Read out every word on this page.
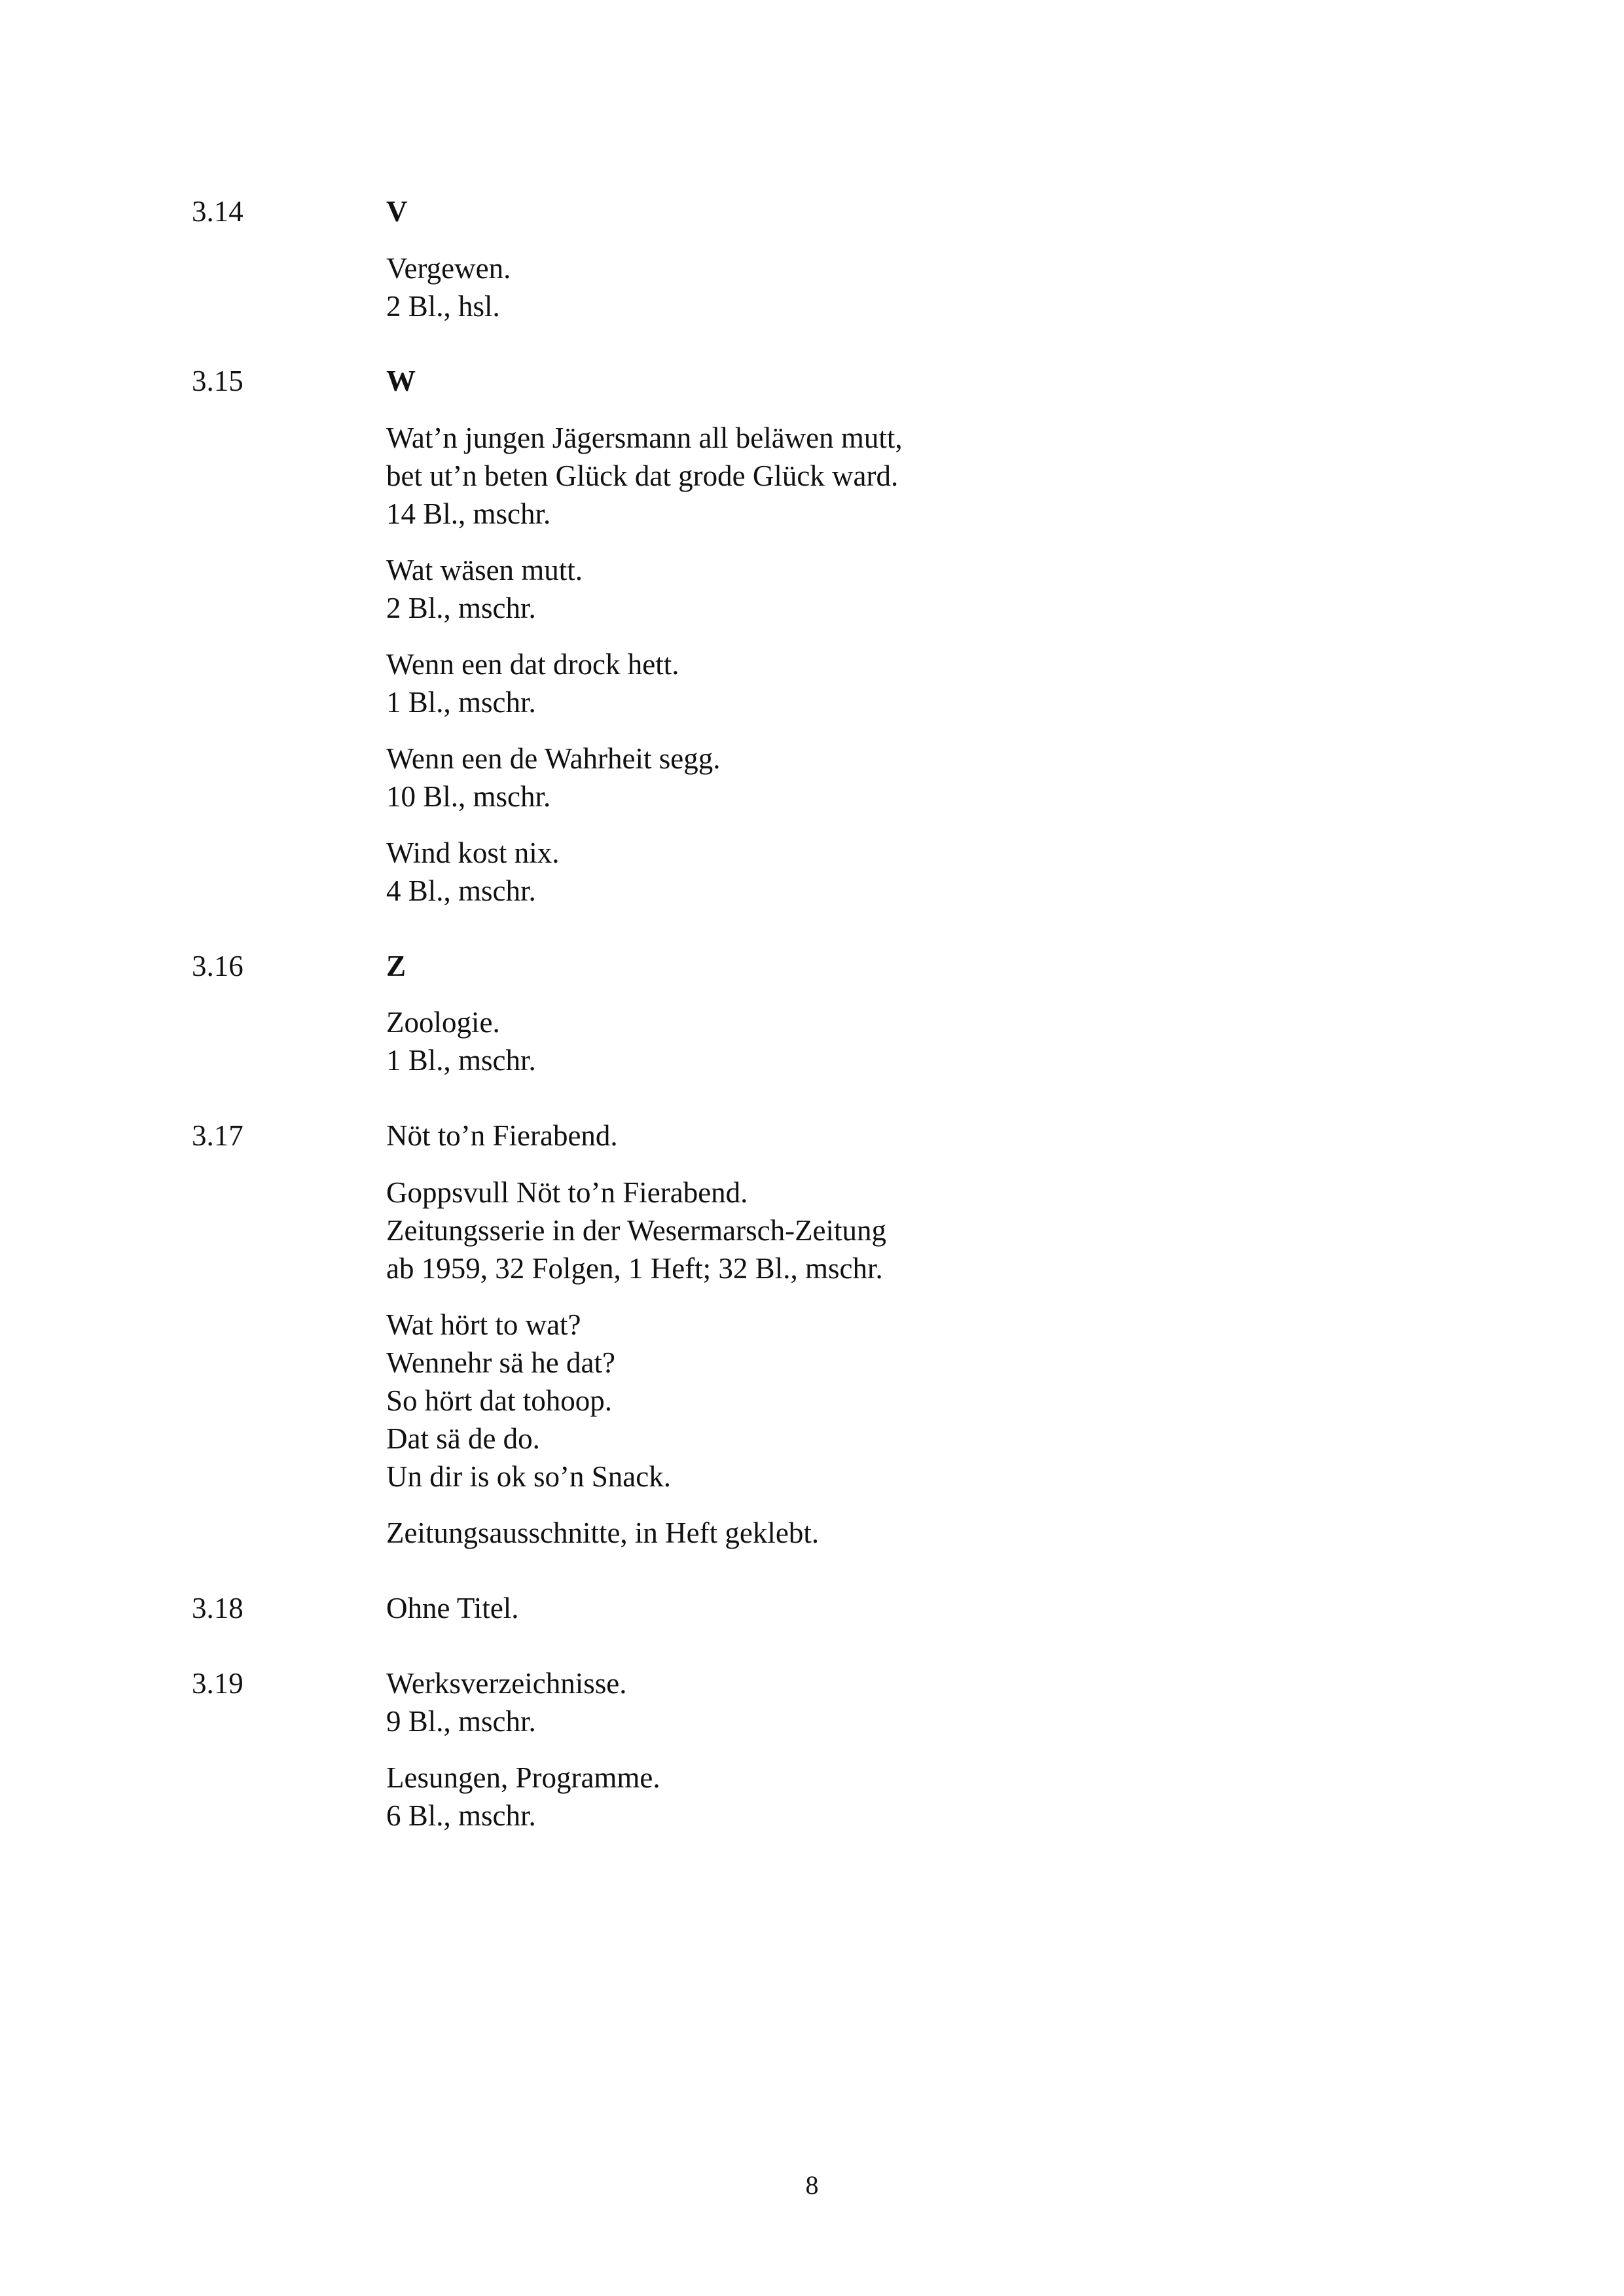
3.14	V
Vergewen.
2 Bl., hsl.
3.15	W
Wat’n jungen Jägersmann all beläwen mutt,
bet ut’n beten Glück dat grode Glück ward.
14 Bl., mschr.
Wat wäsen mutt.
2 Bl., mschr.
Wenn een dat drock hett.
1 Bl., mschr.
Wenn een de Wahrheit segg.
10 Bl., mschr.
Wind kost nix.
4 Bl., mschr.
3.16	Z
Zoologie.
1 Bl., mschr.
3.17	Nöt to’n Fierabend.
Goppsvull Nöt to’n Fierabend.
Zeitungsserie in der Wesermarsch-Zeitung
ab 1959, 32 Folgen, 1 Heft; 32 Bl., mschr.
Wat hört to wat?
Wennehr sä he dat?
So hört dat tohoop.
Dat sä de do.
Un dir is ok so’n Snack.
Zeitungsausschnitte, in Heft geklebt.
3.18	Ohne Titel.
3.19	Werksverzeichnisse.
9 Bl., mschr.
Lesungen, Programme.
6 Bl., mschr.
8
